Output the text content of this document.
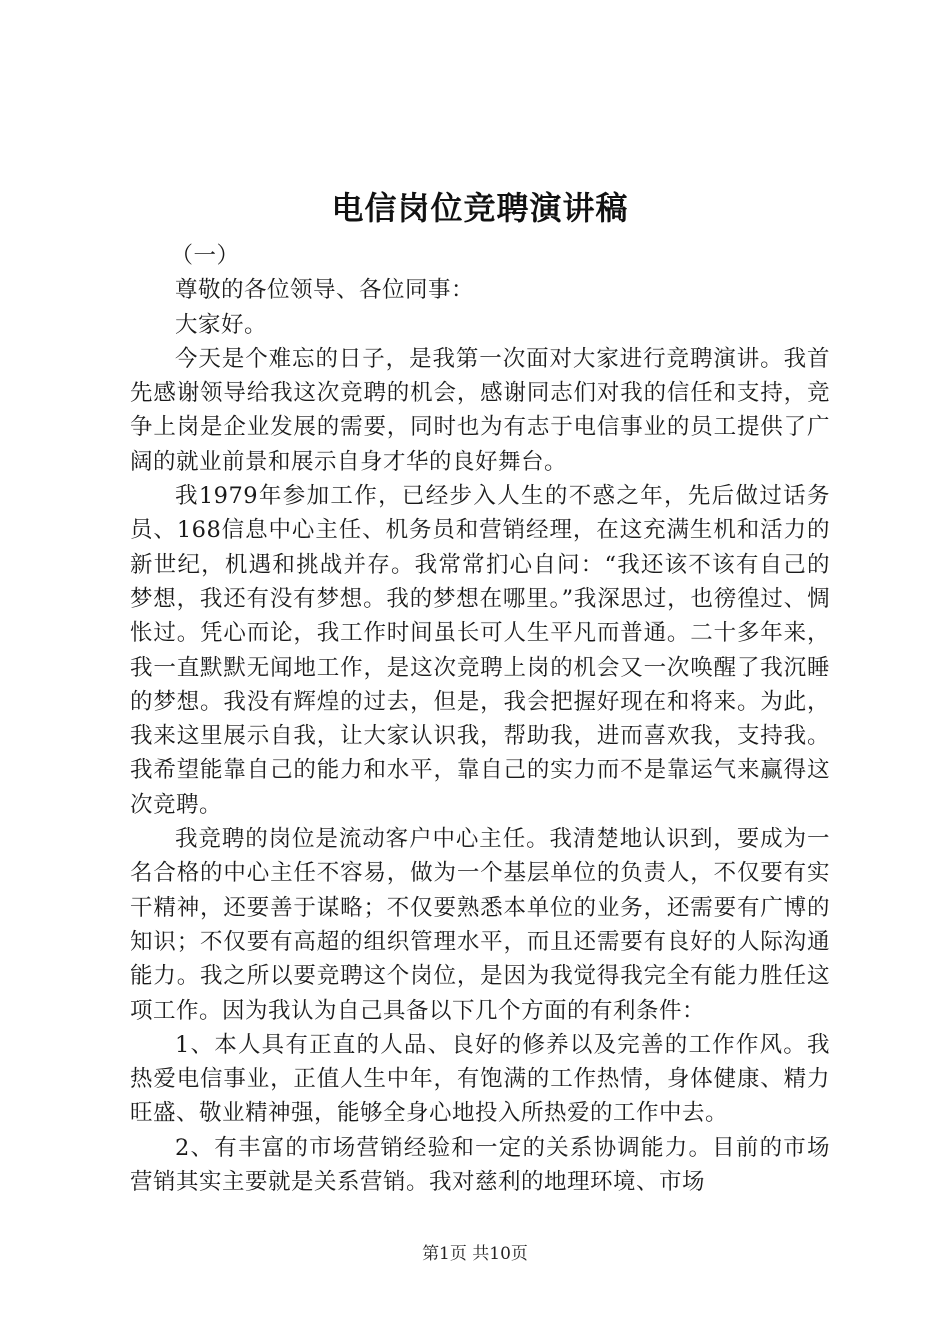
电信岗位竞聘演讲稿

（一）

尊敬的各位领导、各位同事：

大家好。

今天是个难忘的日子，是我第一次面对大家进行竞聘演讲。我首先感谢领导给我这次竞聘的机会，感谢同志们对我的信任和支持，竞争上岗是企业发展的需要，同时也为有志于电信事业的员工提供了广阔的就业前景和展示自身才华的良好舞台。

我1979年参加工作，已经步入人生的不惑之年，先后做过话务员、168信息中心主任、机务员和营销经理，在这充满生机和活力的新世纪，机遇和挑战并存。我常常扪心自问：“我还该不该有自己的梦想，我还有没有梦想。我的梦想在哪里。”我深思过，也徬徨过、惆怅过。凭心而论，我工作时间虽长可人生平凡而普通。二十多年来，我一直默默无闻地工作，是这次竞聘上岗的机会又一次唤醒了我沉睡的梦想。我没有辉煌的过去，但是，我会把握好现在和将来。为此，我来这里展示自我，让大家认识我，帮助我，进而喜欢我，支持我。我希望能靠自己的能力和水平，靠自己的实力而不是靠运气来赢得这次竞聘。

我竞聘的岗位是流动客户中心主任。我清楚地认识到，要成为一名合格的中心主任不容易，做为一个基层单位的负责人，不仅要有实干精神，还要善于谋略；不仅要熟悉本单位的业务，还需要有广博的知识；不仅要有高超的组织管理水平，而且还需要有良好的人际沟通能力。我之所以要竞聘这个岗位，是因为我觉得我完全有能力胜任这项工作。因为我认为自己具备以下几个方面的有利条件：

1、本人具有正直的人品、良好的修养以及完善的工作作风。我热爱电信事业，正值人生中年，有饱满的工作热情，身体健康、精力旺盛、敬业精神强，能够全身心地投入所热爱的工作中去。

2、有丰富的市场营销经验和一定的关系协调能力。目前的市场营销其实主要就是关系营销。我对慈利的地理环境、市场

第1页 共10页
